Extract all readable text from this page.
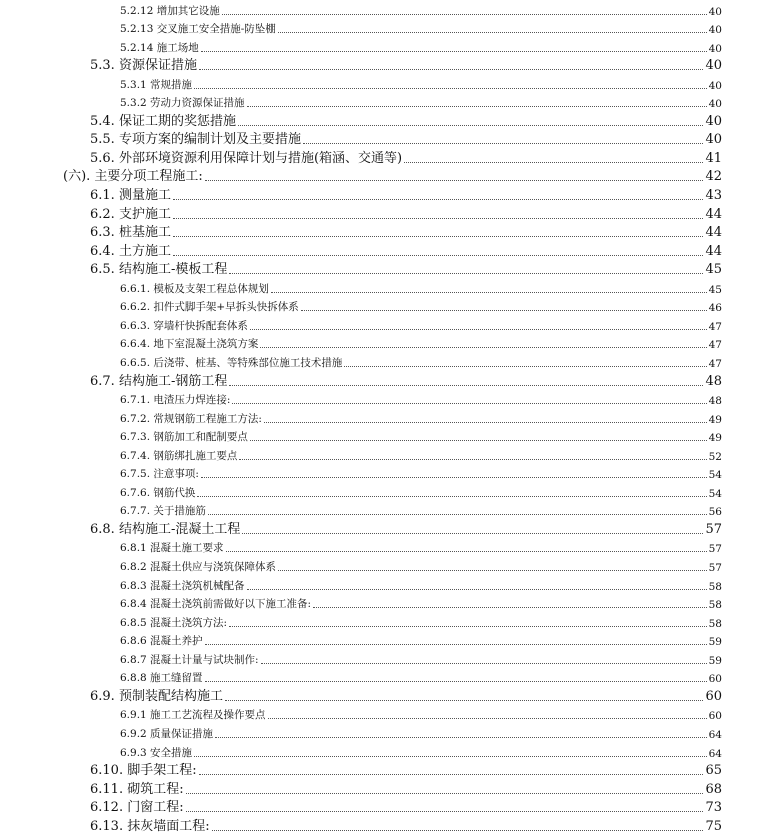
5.2.12 增加其它设施	40
5.2.13 交叉施工安全措施-防坠棚	40
5.2.14 施工场地	40
5.3. 资源保证措施	40
5.3.1 常规措施	40
5.3.2 劳动力资源保证措施	40
5.4. 保证工期的奖惩措施	40
5.5. 专项方案的编制计划及主要措施	40
5.6. 外部环境资源利用保障计划与措施(箱涵、交通等)	41
(六). 主要分项工程施工:	42
6.1. 测量施工	43
6.2. 支护施工	44
6.3. 桩基施工	44
6.4. 土方施工	44
6.5. 结构施工-模板工程	45
6.6.1. 模板及支架工程总体规划	45
6.6.2. 扣件式脚手架+早拆头快拆体系	46
6.6.3. 穿墙杆快拆配套体系	47
6.6.4. 地下室混凝土浇筑方案	47
6.6.5. 后浇带、桩基、等特殊部位施工技术措施	47
6.7. 结构施工-钢筋工程	48
6.7.1. 电渣压力焊连接:	48
6.7.2. 常规钢筋工程施工方法:	49
6.7.3. 钢筋加工和配制要点	49
6.7.4. 钢筋绑扎施工要点	52
6.7.5. 注意事项:	54
6.7.6. 钢筋代换	54
6.7.7. 关于措施筋	56
6.8. 结构施工-混凝土工程	57
6.8.1 混凝土施工要求	57
6.8.2 混凝土供应与浇筑保障体系	57
6.8.3 混凝土浇筑机械配备	58
6.8.4 混凝土浇筑前需做好以下施工准备:	58
6.8.5 混凝土浇筑方法:	58
6.8.6 混凝土养护	59
6.8.7 混凝土计量与试块制作:	59
6.8.8 施工缝留置	60
6.9. 预制装配结构施工	60
6.9.1 施工工艺流程及操作要点	60
6.9.2 质量保证措施	64
6.9.3 安全措施	64
6.10. 脚手架工程:	65
6.11. 砌筑工程:	68
6.12. 门窗工程:	73
6.13. 抹灰墙面工程:	75
